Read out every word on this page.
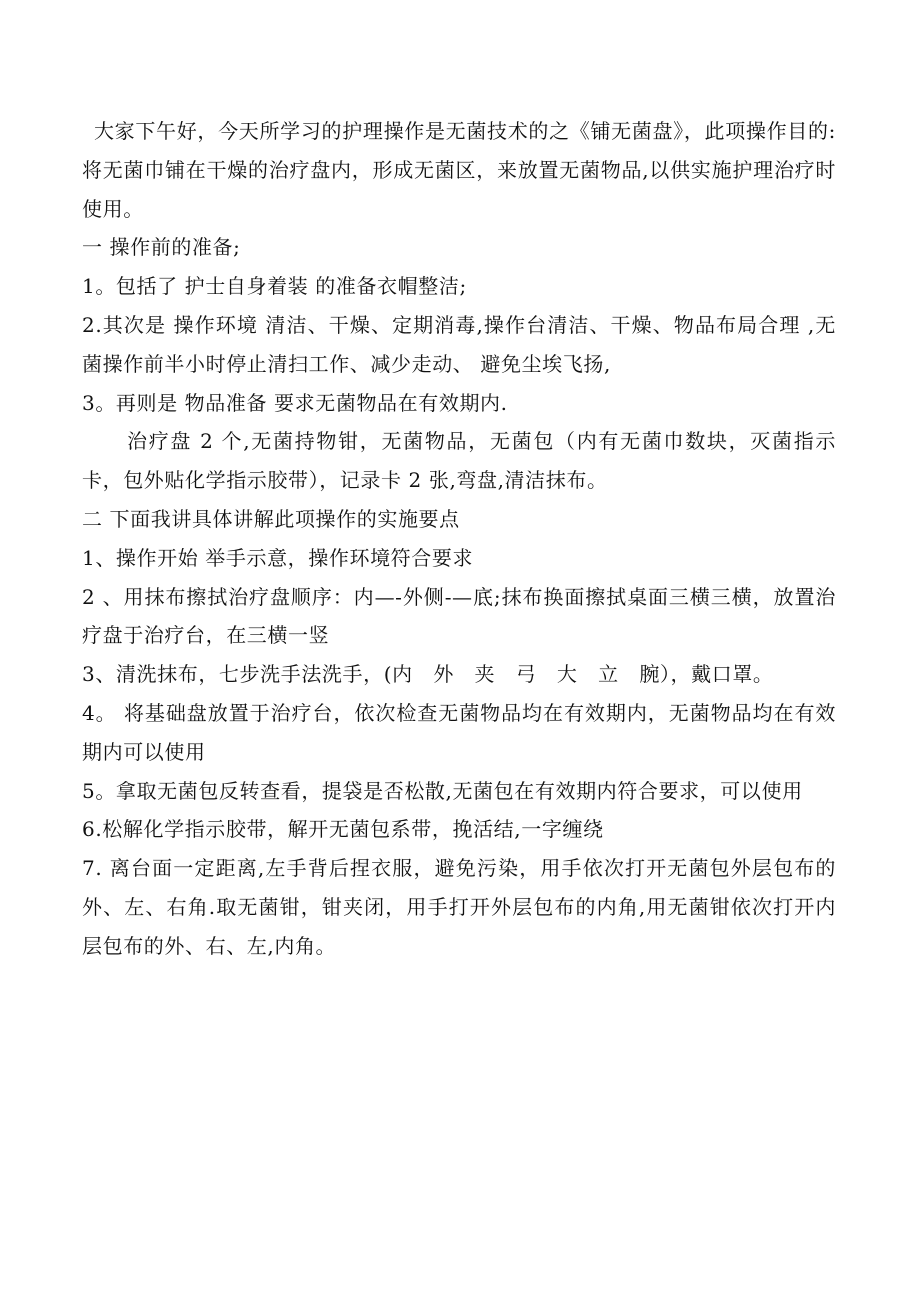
大家下午好，今天所学习的护理操作是无菌技术的之《铺无菌盘》，此项操作目的:将无菌巾铺在干燥的治疗盘内，形成无菌区，来放置无菌物品,以供实施护理治疗时使用。

一 操作前的准备;

1。包括了 护士自身着装 的准备衣帽整洁;

2.其次是 操作环境 清洁、干燥、定期消毒,操作台清洁、干燥、物品布局合理 ,无菌操作前半小时停止清扫工作、减少走动、 避免尘埃飞扬,

3。再则是 物品准备 要求无菌物品在有效期内.

治疗盘 2 个,无菌持物钳，无菌物品，无菌包（内有无菌巾数块，灭菌指示卡，包外贴化学指示胶带），记录卡 2 张,弯盘,清洁抹布。

二 下面我讲具体讲解此项操作的实施要点

1、操作开始 举手示意，操作环境符合要求

2 、用抹布擦拭治疗盘顺序：内—-外侧-—底;抹布换面擦拭桌面三横三横，放置治疗盘于治疗台，在三横一竖

3、清洗抹布，七步洗手法洗手，(内　外　夹　弓　大　立　腕），戴口罩。

4。 将基础盘放置于治疗台，依次检查无菌物品均在有效期内，无菌物品均在有效期内可以使用

5。拿取无菌包反转查看，提袋是否松散,无菌包在有效期内符合要求，可以使用

6.松解化学指示胶带，解开无菌包系带，挽活结,一字缠绕

7. 离台面一定距离,左手背后捏衣服，避免污染，用手依次打开无菌包外层包布的外、左、右角.取无菌钳，钳夹闭，用手打开外层包布的内角,用无菌钳依次打开内层包布的外、右、左,内角。
